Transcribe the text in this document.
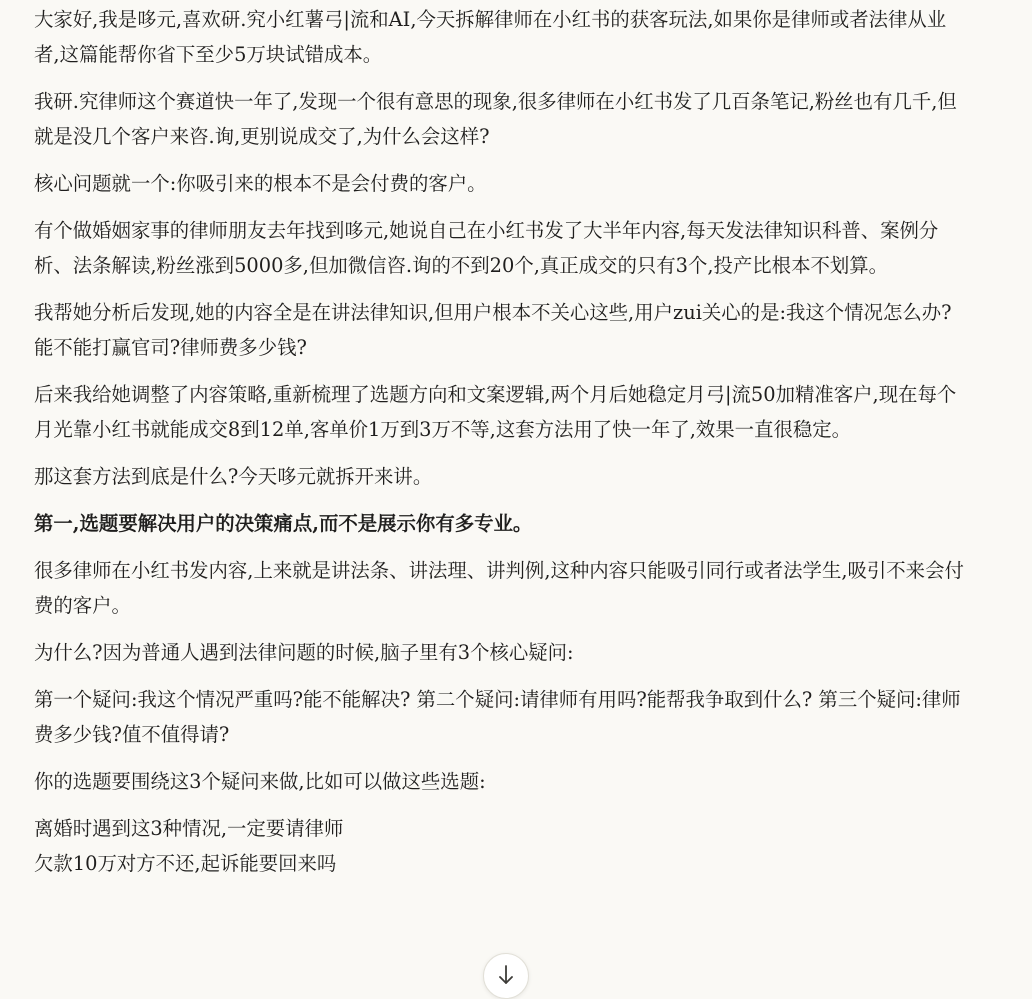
大家好,我是哆元,喜欢研.究小红薯弓|流和AI,今天拆解律师在小红书的获客玩法,如果你是律师或者法律从业者,这篇能帮你省下至少5万块试错成本。

我研.究律师这个赛道快一年了,发现一个很有意思的现象,很多律师在小红书发了几百条笔记,粉丝也有几千,但就是没几个客户来咨.询,更别说成交了,为什么会这样?

核心问题就一个:你吸引来的根本不是会付费的客户。

有个做婚姻家事的律师朋友去年找到哆元,她说自己在小红书发了大半年内容,每天发法律知识科普、案例分析、法条解读,粉丝涨到5000多,但加微信咨.询的不到20个,真正成交的只有3个,投产比根本不划算。

我帮她分析后发现,她的内容全是在讲法律知识,但用户根本不关心这些,用户zui关心的是:我这个情况怎么办?能不能打赢官司?律师费多少钱?

后来我给她调整了内容策略,重新梳理了选题方向和文案逻辑,两个月后她稳定月弓|流50加精准客户,现在每个月光靠小红书就能成交8到12单,客单价1万到3万不等,这套方法用了快一年了,效果一直很稳定。

那这套方法到底是什么?今天哆元就拆开来讲。

第一,选题要解决用户的决策痛点,而不是展示你有多专业。

很多律师在小红书发内容,上来就是讲法条、讲法理、讲判例,这种内容只能吸引同行或者法学生,吸引不来会付费的客户。

为什么?因为普通人遇到法律问题的时候,脑子里有3个核心疑问:

第一个疑问:我这个情况严重吗?能不能解决? 第二个疑问:请律师有用吗?能帮我争取到什么? 第三个疑问:律师费多少钱?值不值得请?

你的选题要围绕这3个疑问来做,比如可以做这些选题:

离婚时遇到这3种情况,一定要请律师

欠款10万对方不还,起诉能要回来吗
